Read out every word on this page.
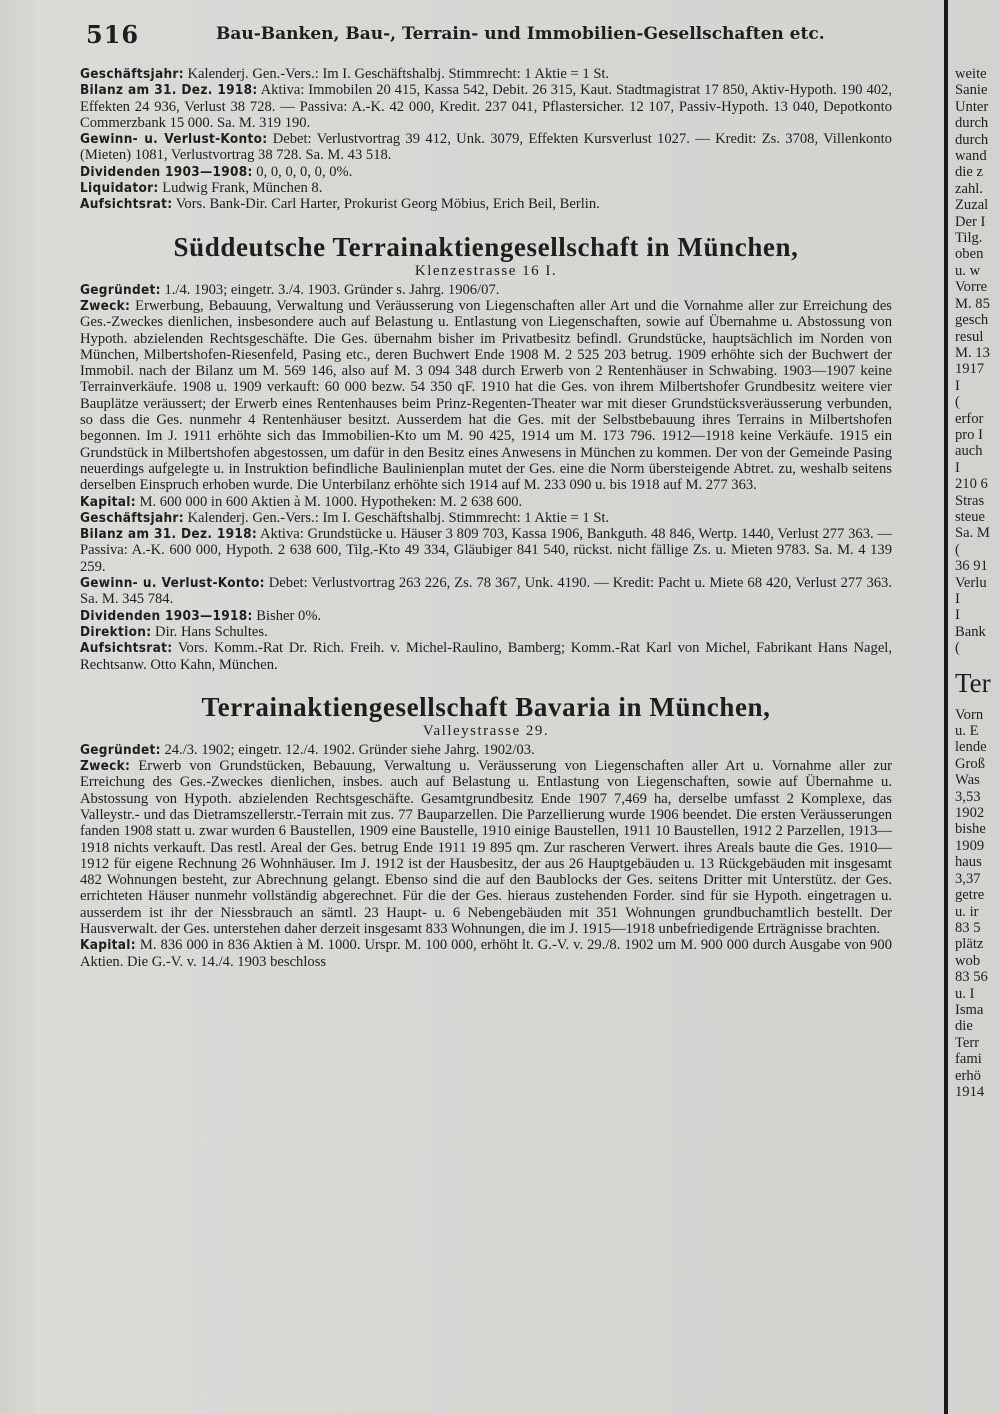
516	Bau-Banken, Bau-, Terrain- und Immobilien-Gesellschaften etc.

Geschäftsjahr: Kalenderj. Gen.-Vers.: Im I. Geschäftshalbj. Stimmrecht: 1 Aktie = 1 St.

Bilanz am 31. Dez. 1918: Aktiva: Immobilen 20 415, Kassa 542, Debit. 26 315, Kaut. Stadtmagistrat 17 850, Aktiv-Hypoth. 190 402, Effekten 24 936, Verlust 38 728. — Passiva: A.-K. 42 000, Kredit. 237 041, Pflastersicher. 12 107, Passiv-Hypoth. 13 040, Depotkonto Commerzbank 15 000. Sa. M. 319 190.

Gewinn- u. Verlust-Konto: Debet: Verlustvortrag 39 412, Unk. 3079, Effekten Kursverlust 1027. — Kredit: Zs. 3708, Villenkonto (Mieten) 1081, Verlustvortrag 38 728. Sa. M. 43 518.

Dividenden 1903—1908: 0, 0, 0, 0, 0, 0%.

Liquidator: Ludwig Frank, München 8.

Aufsichtsrat: Vors. Bank-Dir. Carl Harter, Prokurist Georg Möbius, Erich Beil, Berlin.

Süddeutsche Terrainaktiengesellschaft in München,
Klenzestrasse 16 I.

Gegründet: 1./4. 1903; eingetr. 3./4. 1903. Gründer s. Jahrg. 1906/07.

Zweck: Erwerbung, Bebauung, Verwaltung und Veräusserung von Liegenschaften aller Art und die Vornahme aller zur Erreichung des Ges.-Zweckes dienlichen, insbesondere auch auf Belastung u. Entlastung von Liegenschaften, sowie auf Übernahme u. Abstossung von Hypoth. abzielenden Rechtsgeschäfte. Die Ges. übernahm bisher im Privatbesitz befindl. Grundstücke, hauptsächlich im Norden von München, Milbertshofen-Riesenfeld, Pasing etc., deren Buchwert Ende 1908 M. 2 525 203 betrug. 1909 erhöhte sich der Buchwert der Immobil. nach der Bilanz um M. 569 146, also auf M. 3 094 348 durch Erwerb von 2 Rentenhäuser in Schwabing. 1903—1907 keine Terrainverkäufe. 1908 u. 1909 verkauft: 60 000 bezw. 54 350 qF. 1910 hat die Ges. von ihrem Milbertshofer Grundbesitz weitere vier Bauplätze veräussert; der Erwerb eines Rentenhauses beim Prinz-Regenten-Theater war mit dieser Grundstücksveräusserung verbunden, so dass die Ges. nunmehr 4 Rentenhäuser besitzt. Ausserdem hat die Ges. mit der Selbstbebauung ihres Terrains in Milbertshofen begonnen. Im J. 1911 erhöhte sich das Immobilien-Kto um M. 90 425, 1914 um M. 173 796. 1912—1918 keine Verkäufe. 1915 ein Grundstück in Milbertshofen abgestossen, um dafür in den Besitz eines Anwesens in München zu kommen. Der von der Gemeinde Pasing neuerdings aufgelegte u. in Instruktion befindliche Baulinienplan mutet der Ges. eine die Norm übersteigende Abtret. zu, weshalb seitens derselben Einspruch erhoben wurde. Die Unterbilanz erhöhte sich 1914 auf M. 233 090 u. bis 1918 auf M. 277 363.

Kapital: M. 600 000 in 600 Aktien à M. 1000. Hypotheken: M. 2 638 600.

Geschäftsjahr: Kalenderj. Gen.-Vers.: Im I. Geschäftshalbj. Stimmrecht: 1 Aktie = 1 St.

Bilanz am 31. Dez. 1918: Aktiva: Grundstücke u. Häuser 3 809 703, Kassa 1906, Bankguth. 48 846, Wertp. 1440, Verlust 277 363. — Passiva: A.-K. 600 000, Hypoth. 2 638 600, Tilg.-Kto 49 334, Gläubiger 841 540, rückst. nicht fällige Zs. u. Mieten 9783. Sa. M. 4 139 259.

Gewinn- u. Verlust-Konto: Debet: Verlustvortrag 263 226, Zs. 78 367, Unk. 4190. — Kredit: Pacht u. Miete 68 420, Verlust 277 363. Sa. M. 345 784.

Dividenden 1903—1918: Bisher 0%.

Direktion: Dir. Hans Schultes.

Aufsichtsrat: Vors. Komm.-Rat Dr. Rich. Freih. v. Michel-Raulino, Bamberg; Komm.-Rat Karl von Michel, Fabrikant Hans Nagel, Rechtsanw. Otto Kahn, München.

Terrainaktiengesellschaft Bavaria in München,
Valleystrasse 29.

Gegründet: 24./3. 1902; eingetr. 12./4. 1902. Gründer siehe Jahrg. 1902/03.

Zweck: Erwerb von Grundstücken, Bebauung, Verwaltung u. Veräusserung von Liegenschaften aller Art u. Vornahme aller zur Erreichung des Ges.-Zweckes dienlichen, insbes. auch auf Belastung u. Entlastung von Liegenschaften, sowie auf Übernahme u. Abstossung von Hypoth. abzielenden Rechtsgeschäfte. Gesamtgrundbesitz Ende 1907 7,469 ha, derselbe umfasst 2 Komplexe, das Valleystr.- und das Dietramszellerstr.-Terrain mit zus. 77 Bauparzellen. Die Parzellierung wurde 1906 beendet. Die ersten Veräusserungen fanden 1908 statt u. zwar wurden 6 Baustellen, 1909 eine Baustelle, 1910 einige Baustellen, 1911 10 Baustellen, 1912 2 Parzellen, 1913—1918 nichts verkauft. Das restl. Areal der Ges. betrug Ende 1911 19 895 qm. Zur rascheren Verwert. ihres Areals baute die Ges. 1910—1912 für eigene Rechnung 26 Wohnhäuser. Im J. 1912 ist der Hausbesitz, der aus 26 Hauptgebäuden u. 13 Rückgebäuden mit insgesamt 482 Wohnungen besteht, zur Abrechnung gelangt. Ebenso sind die auf den Baublocks der Ges. seitens Dritter mit Unterstütz. der Ges. errichteten Häuser nunmehr vollständig abgerechnet. Für die der Ges. hieraus zustehenden Forder. sind für sie Hypoth. eingetragen u. ausserdem ist ihr der Niessbrauch an sämtl. 23 Haupt- u. 6 Nebengebäuden mit 351 Wohnungen grundbuchamtlich bestellt. Der Hausverwalt. der Ges. unterstehen daher derzeit insgesamt 833 Wohnungen, die im J. 1915—1918 unbefriedigende Erträgnisse brachten.

Kapital: M. 836 000 in 836 Aktien à M. 1000. Urspr. M. 100 000, erhöht lt. G.-V. v. 29./8. 1902 um M. 900 000 durch Ausgabe von 900 Aktien. Die G.-V. v. 14./4. 1903 beschloss

weite
Sanie
Unter
durch
durch
wand
die z
zahl.
Zuzal
Der I
Tilg.
oben
u. w
Vorre
M. 85
gesch
resul
M. 13
1917
I
(
erfor
pro I
auch
I
210 6
Stras
steue
Sa. M
(
36 91
Verlu
I
I
Bank
(
Ter
Vorn
u. E
lende
Groß
Was
3,53
1902
bishe
1909
haus
3,37
getre
u. ir
83 5
plätz
wob
83 56
u. I
Isma
die
Terr
fami
erhö
1914
